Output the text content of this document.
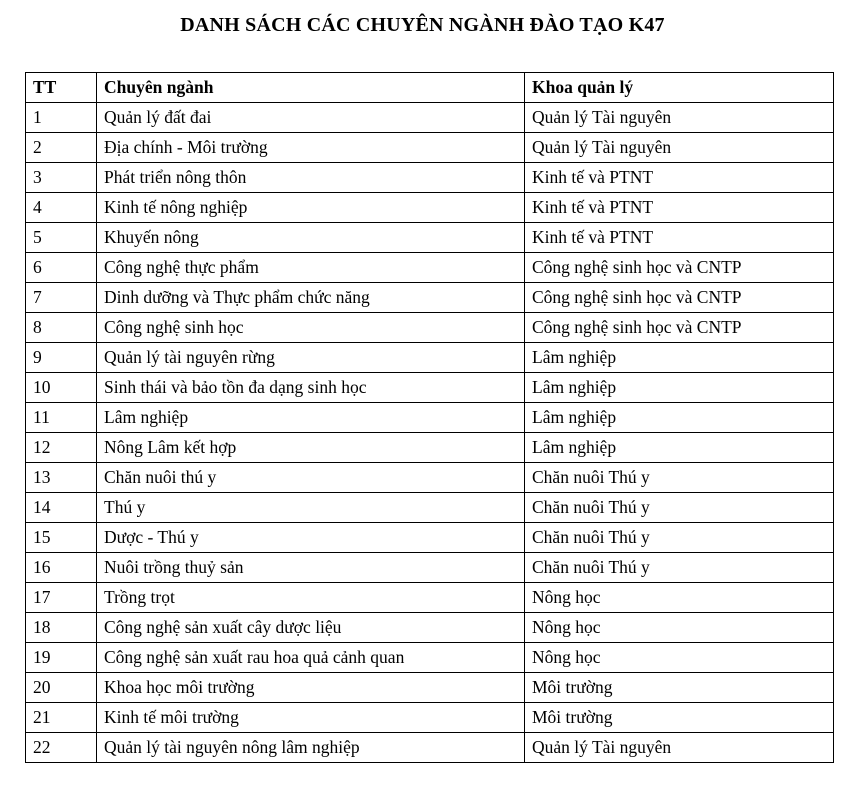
DANH SÁCH CÁC CHUYÊN NGÀNH ĐÀO TẠO K47
TT	Chuyên ngành	Khoa quản lý
1	Quản lý đất đai	Quản lý Tài nguyên
2	Địa chính - Môi trường	Quản lý Tài nguyên
3	Phát triển nông thôn	Kinh tế và PTNT
4	Kinh tế nông nghiệp	Kinh tế và PTNT
5	Khuyến nông	Kinh tế và PTNT
6	Công nghệ thực phẩm	Công nghệ sinh học và CNTP
7	Dinh dưỡng và Thực phẩm chức năng	Công nghệ sinh học và CNTP
8	Công nghệ sinh học	Công nghệ sinh học và CNTP
9	Quản lý tài nguyên rừng	Lâm nghiệp
10	Sinh thái và bảo tồn đa dạng sinh học	Lâm nghiệp
11	Lâm nghiệp	Lâm nghiệp
12	Nông Lâm kết hợp	Lâm nghiệp
13	Chăn nuôi thú y	Chăn nuôi Thú y
14	Thú y	Chăn nuôi Thú y
15	Dược - Thú y	Chăn nuôi Thú y
16	Nuôi trồng thuỷ sản	Chăn nuôi Thú y
17	Trồng trọt	Nông học
18	Công nghệ sản xuất cây dược liệu	Nông học
19	Công nghệ sản xuất rau hoa quả cảnh quan	Nông học
20	Khoa học môi trường	Môi trường
21	Kinh tế môi trường	Môi trường
22	Quản lý tài nguyên nông lâm nghiệp	Quản lý Tài nguyên
